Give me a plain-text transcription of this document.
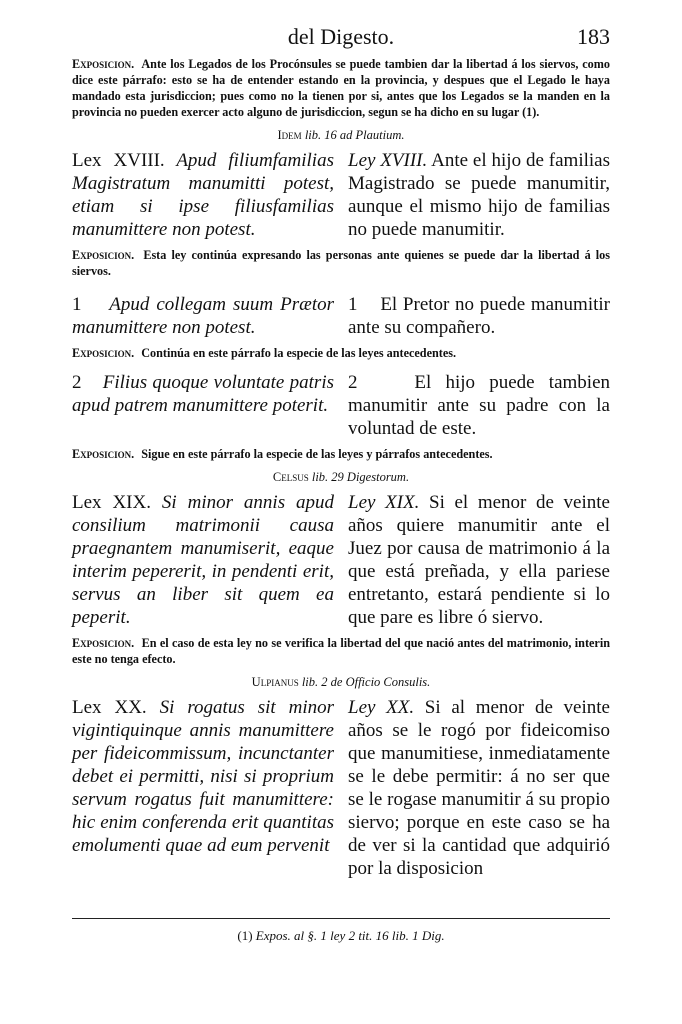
del Digesto.	183

Exposicion. Ante los Legados de los Procónsules se puede tambien dar la libertad á los siervos, como dice este párrafo: esto se ha de entender estando en la provincia, y despues que el Legado le haya mandado esta jurisdiccion; pues como no la tienen por si, antes que los Legados se la manden en la provincia no pueden exercer acto alguno de jurisdiccion, segun se ha dicho en su lugar (1).

Idem lib. 16 ad Plautium.
Lex XVIII. Apud filiumfamilias Magistratum manumitti potest, etiam si ipse filiusfamilias manumittere non potest.
Ley XVIII. Ante el hijo de familias Magistrado se puede manumitir, aunque el mismo hijo de familias no puede manumitir.

Exposicion. Esta ley continúa expresando las personas ante quienes se puede dar la libertad á los siervos.

1 Apud collegam suum Prætor manumittere non potest.
1 El Pretor no puede manumitir ante su compañero.

Exposicion. Continúa en este párrafo la especie de las leyes antecedentes.

2 Filius quoque voluntate patris apud patrem manumittere poterit.
2	El hijo puede tambien manumitir ante su padre con la voluntad de este.

Exposicion. Sigue en este párrafo la especie de las leyes y párrafos antecedentes.

Celsus lib. 29 Digestorum.
Lex XIX. Si minor annis apud consilium matrimonii causa praegnantem manumiserit, eaque interim pepererit, in pendenti erit, servus an liber sit quem ea peperit.
Ley XIX. Si el menor de veinte años quiere manumitir ante el Juez por causa de matrimonio á la que está preñada, y ella pariese entretanto, estará pendiente si lo que pare es libre ó siervo.

Exposicion. En el caso de esta ley no se verifica la libertad del que nació antes del matrimonio, interin este no tenga efecto.

Ulpianus lib. 2 de Officio Consulis.
Lex XX. Si rogatus sit minor vigintiquinque annis manumittere per fideicommissum, incunctanter debet ei permitti, nisi si proprium servum rogatus fuit manumittere: hic enim conferenda erit quantitas emolumenti quae ad eum pervenit
Ley XX. Si al menor de veinte años se le rogó por fideicomiso que manumitiese, inmediatamente se le debe permitir: á no ser que se le rogase manumitir á su propio siervo; porque en este caso se ha de ver si la cantidad que adquirió por la disposicion
(1) Expos. al §. 1 ley 2 tit. 16 lib. 1 Dig.
